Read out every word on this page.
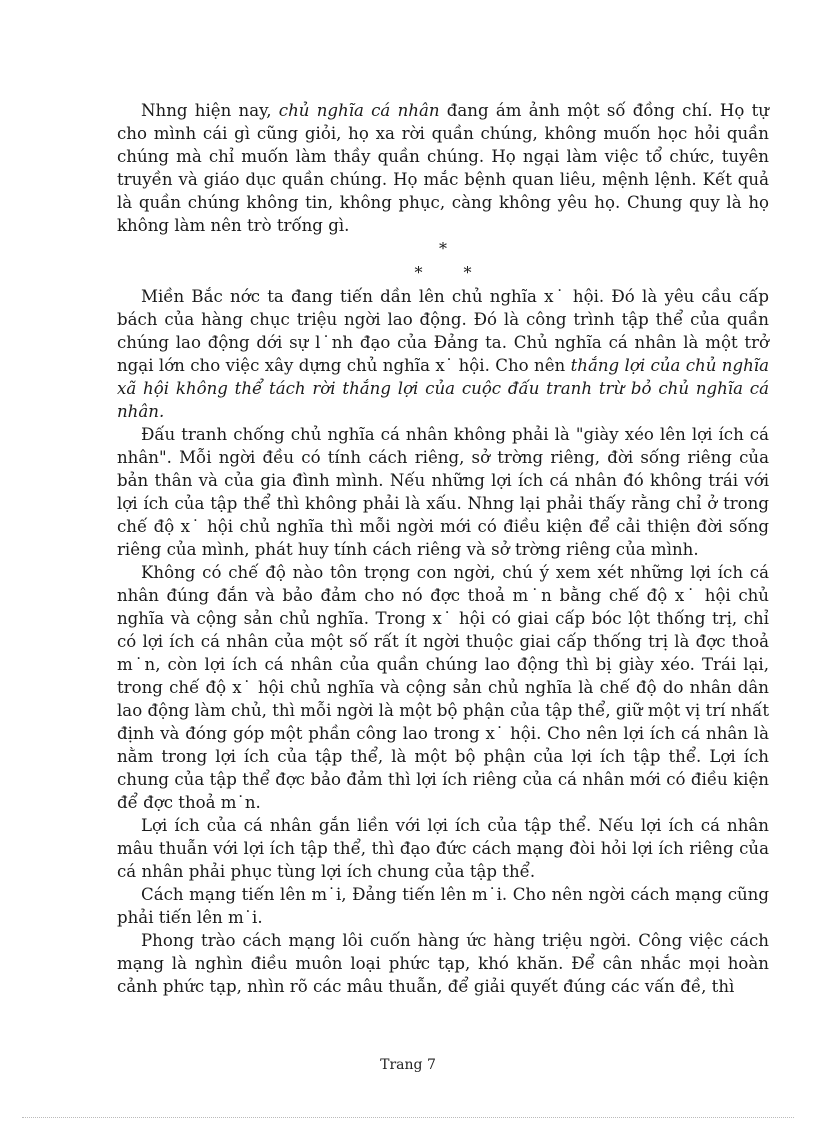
Nhng hiện nay, chủ nghĩa cá nhân đang ám ảnh một số đồng chí. Họ tự cho mình cái gì cũng giỏi, họ xa rời quần chúng, không muốn học hỏi quần chúng mà chỉ muốn làm thầy quần chúng. Họ ngại làm việc tổ chức, tuyên truyền và giáo dục quần chúng. Họ mắc bệnh quan liêu, mệnh lệnh. Kết quả là quần chúng không tin, không phục, càng không yêu họ. Chung quy là họ không làm nên trò trống gì.

*

* *

Miền Bắc nớc ta đang tiến dần lên chủ nghĩa x˙ hội. Đó là yêu cầu cấp bách của hàng chục triệu ngời lao động. Đó là công trình tập thể của quần chúng lao động dới sự l˙nh đạo của Đảng ta. Chủ nghĩa cá nhân là một trở ngại lớn cho việc xây dựng chủ nghĩa x˙ hội. Cho nên thắng lợi của chủ nghĩa xã hội không thể tách rời thắng lợi của cuộc đấu tranh trừ bỏ chủ nghĩa cá nhân.

Đấu tranh chống chủ nghĩa cá nhân không phải là "giày xéo lên lợi ích cá nhân". Mỗi ngời đều có tính cách riêng, sở trờng riêng, đời sống riêng của bản thân và của gia đình mình. Nếu những lợi ích cá nhân đó không trái với lợi ích của tập thể thì không phải là xấu. Nhng lại phải thấy rằng chỉ ở trong chế độ x˙ hội chủ nghĩa thì mỗi ngời mới có điều kiện để cải thiện đời sống riêng của mình, phát huy tính cách riêng và sở trờng riêng của mình.

Không có chế độ nào tôn trọng con ngời, chú ý xem xét những lợi ích cá nhân đúng đắn và bảo đảm cho nó đợc thoả m˙n bằng chế độ x˙ hội chủ nghĩa và cộng sản chủ nghĩa. Trong x˙ hội có giai cấp bóc lột thống trị, chỉ có lợi ích cá nhân của một số rất ít ngời thuộc giai cấp thống trị là đợc thoả m˙n, còn lợi ích cá nhân của quần chúng lao động thì bị giày xéo. Trái lại, trong chế độ x˙ hội chủ nghĩa và cộng sản chủ nghĩa là chế độ do nhân dân lao động làm chủ, thì mỗi ngời là một bộ phận của tập thể, giữ một vị trí nhất định và đóng góp một phần công lao trong x˙ hội. Cho nên lợi ích cá nhân là nằm trong lợi ích của tập thể, là một bộ phận của lợi ích tập thể. Lợi ích chung của tập thể đợc bảo đảm thì lợi ích riêng của cá nhân mới có điều kiện để đợc thoả m˙n.

Lợi ích của cá nhân gắn liền với lợi ích của tập thể. Nếu lợi ích cá nhân mâu thuẫn với lợi ích tập thể, thì đạo đức cách mạng đòi hỏi lợi ích riêng của cá nhân phải phục tùng lợi ích chung của tập thể.

Cách mạng tiến lên m˙i, Đảng tiến lên m˙i. Cho nên ngời cách mạng cũng phải tiến lên m˙i.

Phong trào cách mạng lôi cuốn hàng ức hàng triệu ngời. Công việc cách mạng là nghìn điều muôn loại phức tạp, khó khăn. Để cân nhắc mọi hoàn cảnh phức tạp, nhìn rõ các mâu thuẫn, để giải quyết đúng các vấn đề, thì

Trang 7
